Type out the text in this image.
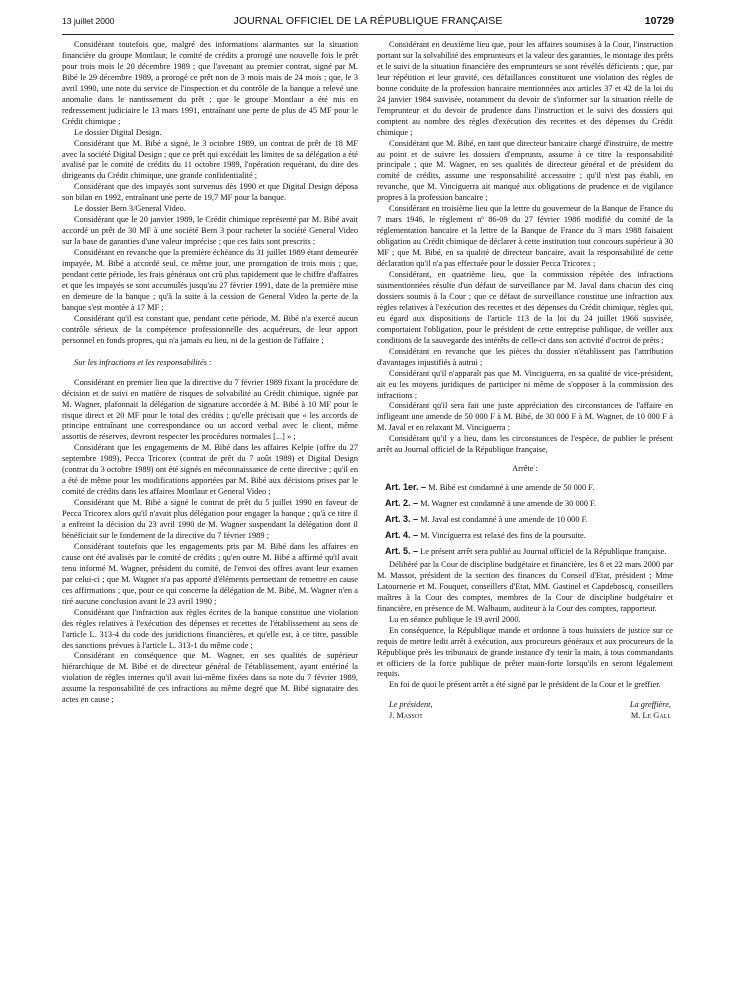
13 juillet 2000	JOURNAL OFFICIEL DE LA RÉPUBLIQUE FRANÇAISE	10729

Considérant toutefois que, malgré des informations alarmantes sur la situation financière du groupe Montlaur, le comité de crédits a prorogé une nouvelle fois le prêt pour trois mois le 20 décembre 1989 ; que l'avenant au premier contrat, signé par M. Bibé le 29 décembre 1989, a prorogé ce prêt non de 3 mois mais de 24 mois ; que, le 3 avril 1990, une note du service de l'inspection et du contrôle de la banque a relevé une anomalie dans le nantissement du prêt ; que le groupe Montlaur a été mis en redressement judiciaire le 13 mars 1991, entraînant une perte de plus de 45 MF pour le Crédit chimique ;

Le dossier Digital Design.

Considérant que M. Bibé a signé, le 3 octobre 1989, un contrat de prêt de 18 MF avec la société Digital Design ; que ce prêt qui excédait les limites de sa délégation a été avalisé par le comité de crédits du 11 octobre 1989, l'opération requérant, du dire des dirigeants du Crédit chimique, une grande confidentialité ;

Considérant que des impayés sont survenus dès 1990 et que Digital Design déposa son bilan en 1992, entraînant une perte de 19,7 MF pour la banque.

Le dossier Bern 3/General Video.

Considérant que le 20 janvier 1989, le Crédit chimique représenté par M. Bibé avait accordé un prêt de 30 MF à une société Bern 3 pour racheter la société General Video sur la base de garanties d'une valeur imprécise ; que ces faits sont prescrits ;

Considérant en revanche que la première échéance du 31 juillet 1989 étant demeurée impayée, M. Bibé a accordé seul, ce même jour, une prorogation de trois mois ; que, pendant cette période, les frais généraux ont crû plus rapidement que le chiffre d'affaires et que les impayés se sont accumulés jusqu'au 27 février 1991, date de la première mise en demeure de la banque ; qu'à la suite à la cession de General Video la perte de la banque s'est montée à 17 MF ;

Considérant qu'il est constant que, pendant cette période, M. Bibé n'a exercé aucun contrôle sérieux de la compétence professionnelle des acquéreurs, de leur apport personnel en fonds propres, qui n'a jamais eu lieu, ni de la gestion de l'affaire ;

Sur les infractions et les responsabilités :

Considérant en premier lieu que la directive du 7 février 1989 fixant la procédure de décision et de suivi en matière de risques de solvabilité au Crédit chimique, signée par M. Wagner, plafonnait la délégation de signature accordée à M. Bibé à 10 MF pour le risque direct et 20 MF pour le total des crédits ; qu'elle précisait que « les accords de principe entraînant une correspondance ou un accord verbal avec le client, même assortis de réserves, devront respecter les procédures normales [...] » ;

Considérant que les engagements de M. Bibé dans les affaires Kelpie (offre du 27 septembre 1989), Pecca Tricorex (contrat de prêt du 7 août 1989) et Digital Design (contrat du 3 octobre 1989) ont été signés en méconnaissance de cette directive ; qu'il en a été de même pour les modifications apportées par M. Bibé aux décisions prises par le comité de crédits dans les affaires Montlaur et General Video ;

Considérant que M. Bibé a signé le contrat de prêt du 5 juillet 1990 en faveur de Pecca Tricorex alors qu'il n'avait plus délégation pour engager la banque ; qu'à ce titre il a enfreint la décision du 23 avril 1990 de M. Wagner suspendant la délégation dont il bénéficiait sur le fondement de la directive du 7 février 1989 ;

Considérant toutefois que les engagements pris par M. Bibé dans les affaires en cause ont été avalisés par le comité de crédits ; qu'en outre M. Bibé a affirmé qu'il avait tenu informé M. Wagner, président du comité, de l'envoi des offres avant leur examen par celui-ci ; que M. Wagner n'a pas apporté d'éléments permettant de remettre en cause ces affirmations ; que, pour ce qui concerne la délégation de M. Bibé, M. Wagner n'en a tiré aucune conclusion avant le 23 avril 1990 ;

Considérant que l'infraction aux règles écrites de la banque constitue une violation des règles relatives à l'exécution des dépenses et recettes de l'établissement au sens de l'article L. 313-4 du code des juridictions financières, et qu'elle est, à ce titre, passible des sanctions prévues à l'article L. 313-1 du même code ;

Considérant en conséquence que M. Wagner, en ses qualités de supérieur hiérarchique de M. Bibé et de directeur général de l'établissement, ayant entériné la violation de règles internes qu'il avait lui-même fixées dans sa note du 7 février 1989, assume la responsabilité de ces infractions au même degré que M. Bibé signataire des actes en cause ;

Considérant en deuxième lieu que, pour les affaires soumises à la Cour, l'instruction portant sur la solvabilité des emprunteurs et la valeur des garanties, le montage des prêts et le suivi de la situation financière des emprunteurs se sont révélés déficients ; que, par leur répétition et leur gravité, ces défaillances constituent une violation des règles de bonne conduite de la profession bancaire mentionnées aux articles 37 et 42 de la loi du 24 janvier 1984 susvisée, notamment du devoir de s'informer sur la situation réelle de l'emprunteur et du devoir de prudence dans l'instruction et le suivi des dossiers qui comptent au nombre des règles d'exécution des recettes et des dépenses du Crédit chimique ;

Considérant que M. Bibé, en tant que directeur bancaire chargé d'instruire, de mettre au point et de suivre les dossiers d'emprunts, assume à ce titre la responsabilité principale ; que M. Wagner, en ses qualités de directeur général et de président du comité de crédits, assume une responsabilité accessoire ; qu'il n'est pas établi, en revanche, que M. Vinciguerra ait manqué aux obligations de prudence et de vigilance propres à la profession bancaire ;

Considérant en troisième lieu que la lettre du gouverneur de la Banque de France du 7 mars 1946, le règlement nº 86-09 du 27 février 1986 modifié du comité de la réglementation bancaire et la lettre de la Banque de France du 3 mars 1988 faisaient obligation au Crédit chimique de déclarer à cette institution tout concours supérieur à 30 MF ; que M. Bibé, en sa qualité de directeur bancaire, avait la responsabilité de cette déclaration qu'il n'a pas effectuée pour le dossier Pecca Tricorex ;

Considérant, en quatrième lieu, que la commission répétée des infractions susmentionnées résulte d'un défaut de surveillance par M. Javal dans chacun des cinq dossiers soumis à la Cour ; que ce défaut de surveillance constitue une infraction aux règles relatives à l'exécution des recettes et des dépenses du Crédit chimique, règles qui, eu égard aux dispositions de l'article 113 de la loi du 24 juillet 1966 susvisée, comportaient l'obligation, pour le président de cette entreprise publique, de veiller aux conditions de la sauvegarde des intérêts de celle-ci dans son activité d'octroi de prêts ;

Considérant en revanche que les pièces du dossier n'établissent pas l'attribution d'avantages injustifiés à autrui ;

Considérant qu'il n'apparaît pas que M. Vinciguerra, en sa qualité de vice-président, ait eu les moyens juridiques de participer ni même de s'opposer à la commission des infractions ;

Considérant qu'il sera fait une juste appréciation des circonstances de l'affaire en infligeant une amende de 50 000 F à M. Bibé, de 30 000 F à M. Wagner, de 10 000 F à M. Javal et en relaxant M. Vinciguerra ;

Considérant qu'il y a lieu, dans les circonstances de l'espèce, de publier le présent arrêt au Journal officiel de la République française,

Arrête :

Art. 1er. – M. Bibé est condamné à une amende de 50 000 F.

Art. 2. – M. Wagner est condamné à une amende de 30 000 F.

Art. 3. – M. Javal est condamné à une amende de 10 000 F.

Art. 4. – M. Vinciguerra est relaxé des fins de la poursuite.

Art. 5. – Le présent arrêt sera publié au Journal officiel de la République française.

Délibéré par la Cour de discipline budgétaire et financière, les 8 et 22 mars 2000 par M. Massot, président de la section des finances du Conseil d'Etat, président ; Mme Latournerie et M. Fouquet, conseillers d'Etat, MM. Gastinel et Capdeboscq, conseillers maîtres à la Cour des comptes, membres de la Cour de discipline budgétaire et financière, en présence de M. Walbaum, auditeur à la Cour des comptes, rapporteur.

Lu en séance publique le 19 avril 2000.

En conséquence, la République mande et ordonne à tous huissiers de justice sur ce requis de mettre ledit arrêt à exécution, aux procureurs généraux et aux procureurs de la République près les tribunaux de grande instance d'y tenir la main, à tous commandants et officiers de la force publique de prêter main-forte lorsqu'ils en seront légalement requis.

En foi de quoi le présent arrêt a été signé par le président de la Cour et le greffier.

Le président,
J. Massot
La greffière,
M. Le Gall
